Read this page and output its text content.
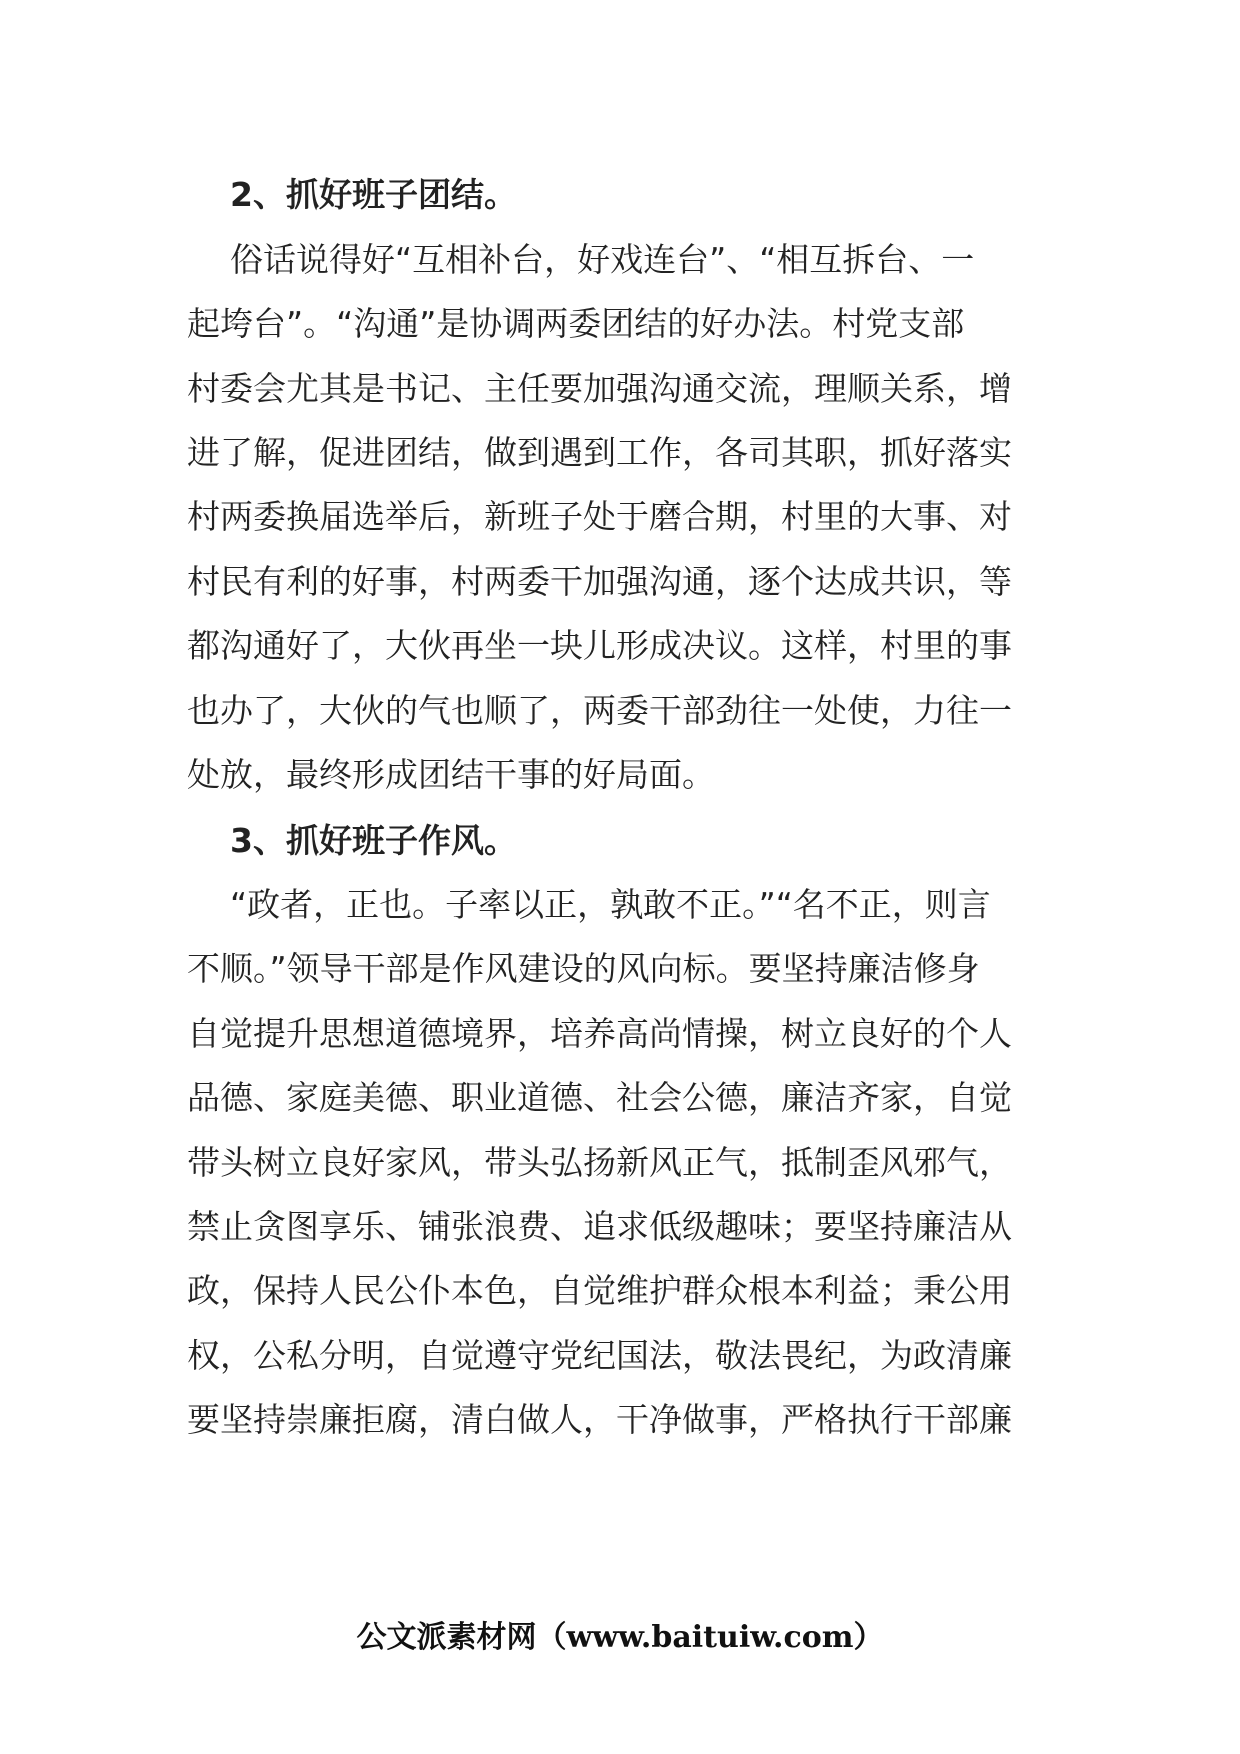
2、抓好班子团结。
俗话说得好“互相补台，好戏连台”、“相互拆台、一
起垮台”。“沟通”是协调两委团结的好办法。村党支部
村委会尤其是书记、主任要加强沟通交流，理顺关系，增
进了解，促进团结，做到遇到工作，各司其职，抓好落实
村两委换届选举后，新班子处于磨合期，村里的大事、对
村民有利的好事，村两委干加强沟通，逐个达成共识，等
都沟通好了，大伙再坐一块儿形成决议。这样，村里的事
也办了，大伙的气也顺了，两委干部劲往一处使，力往一
处放，最终形成团结干事的好局面。
3、抓好班子作风。
“政者，正也。子率以正，孰敢不正。”“名不正，则言
不顺。”领导干部是作风建设的风向标。要坚持廉洁修身
自觉提升思想道德境界，培养高尚情操，树立良好的个人
品德、家庭美德、职业道德、社会公德，廉洁齐家，自觉
带头树立良好家风，带头弘扬新风正气，抵制歪风邪气，
禁止贪图享乐、铺张浪费、追求低级趣味；要坚持廉洁从
政，保持人民公仆本色，自觉维护群众根本利益；秉公用
权，公私分明，自觉遵守党纪国法，敬法畏纪，为政清廉
要坚持崇廉拒腐，清白做人，干净做事，严格执行干部廉
公文派素材网（www.baituiw.com）
